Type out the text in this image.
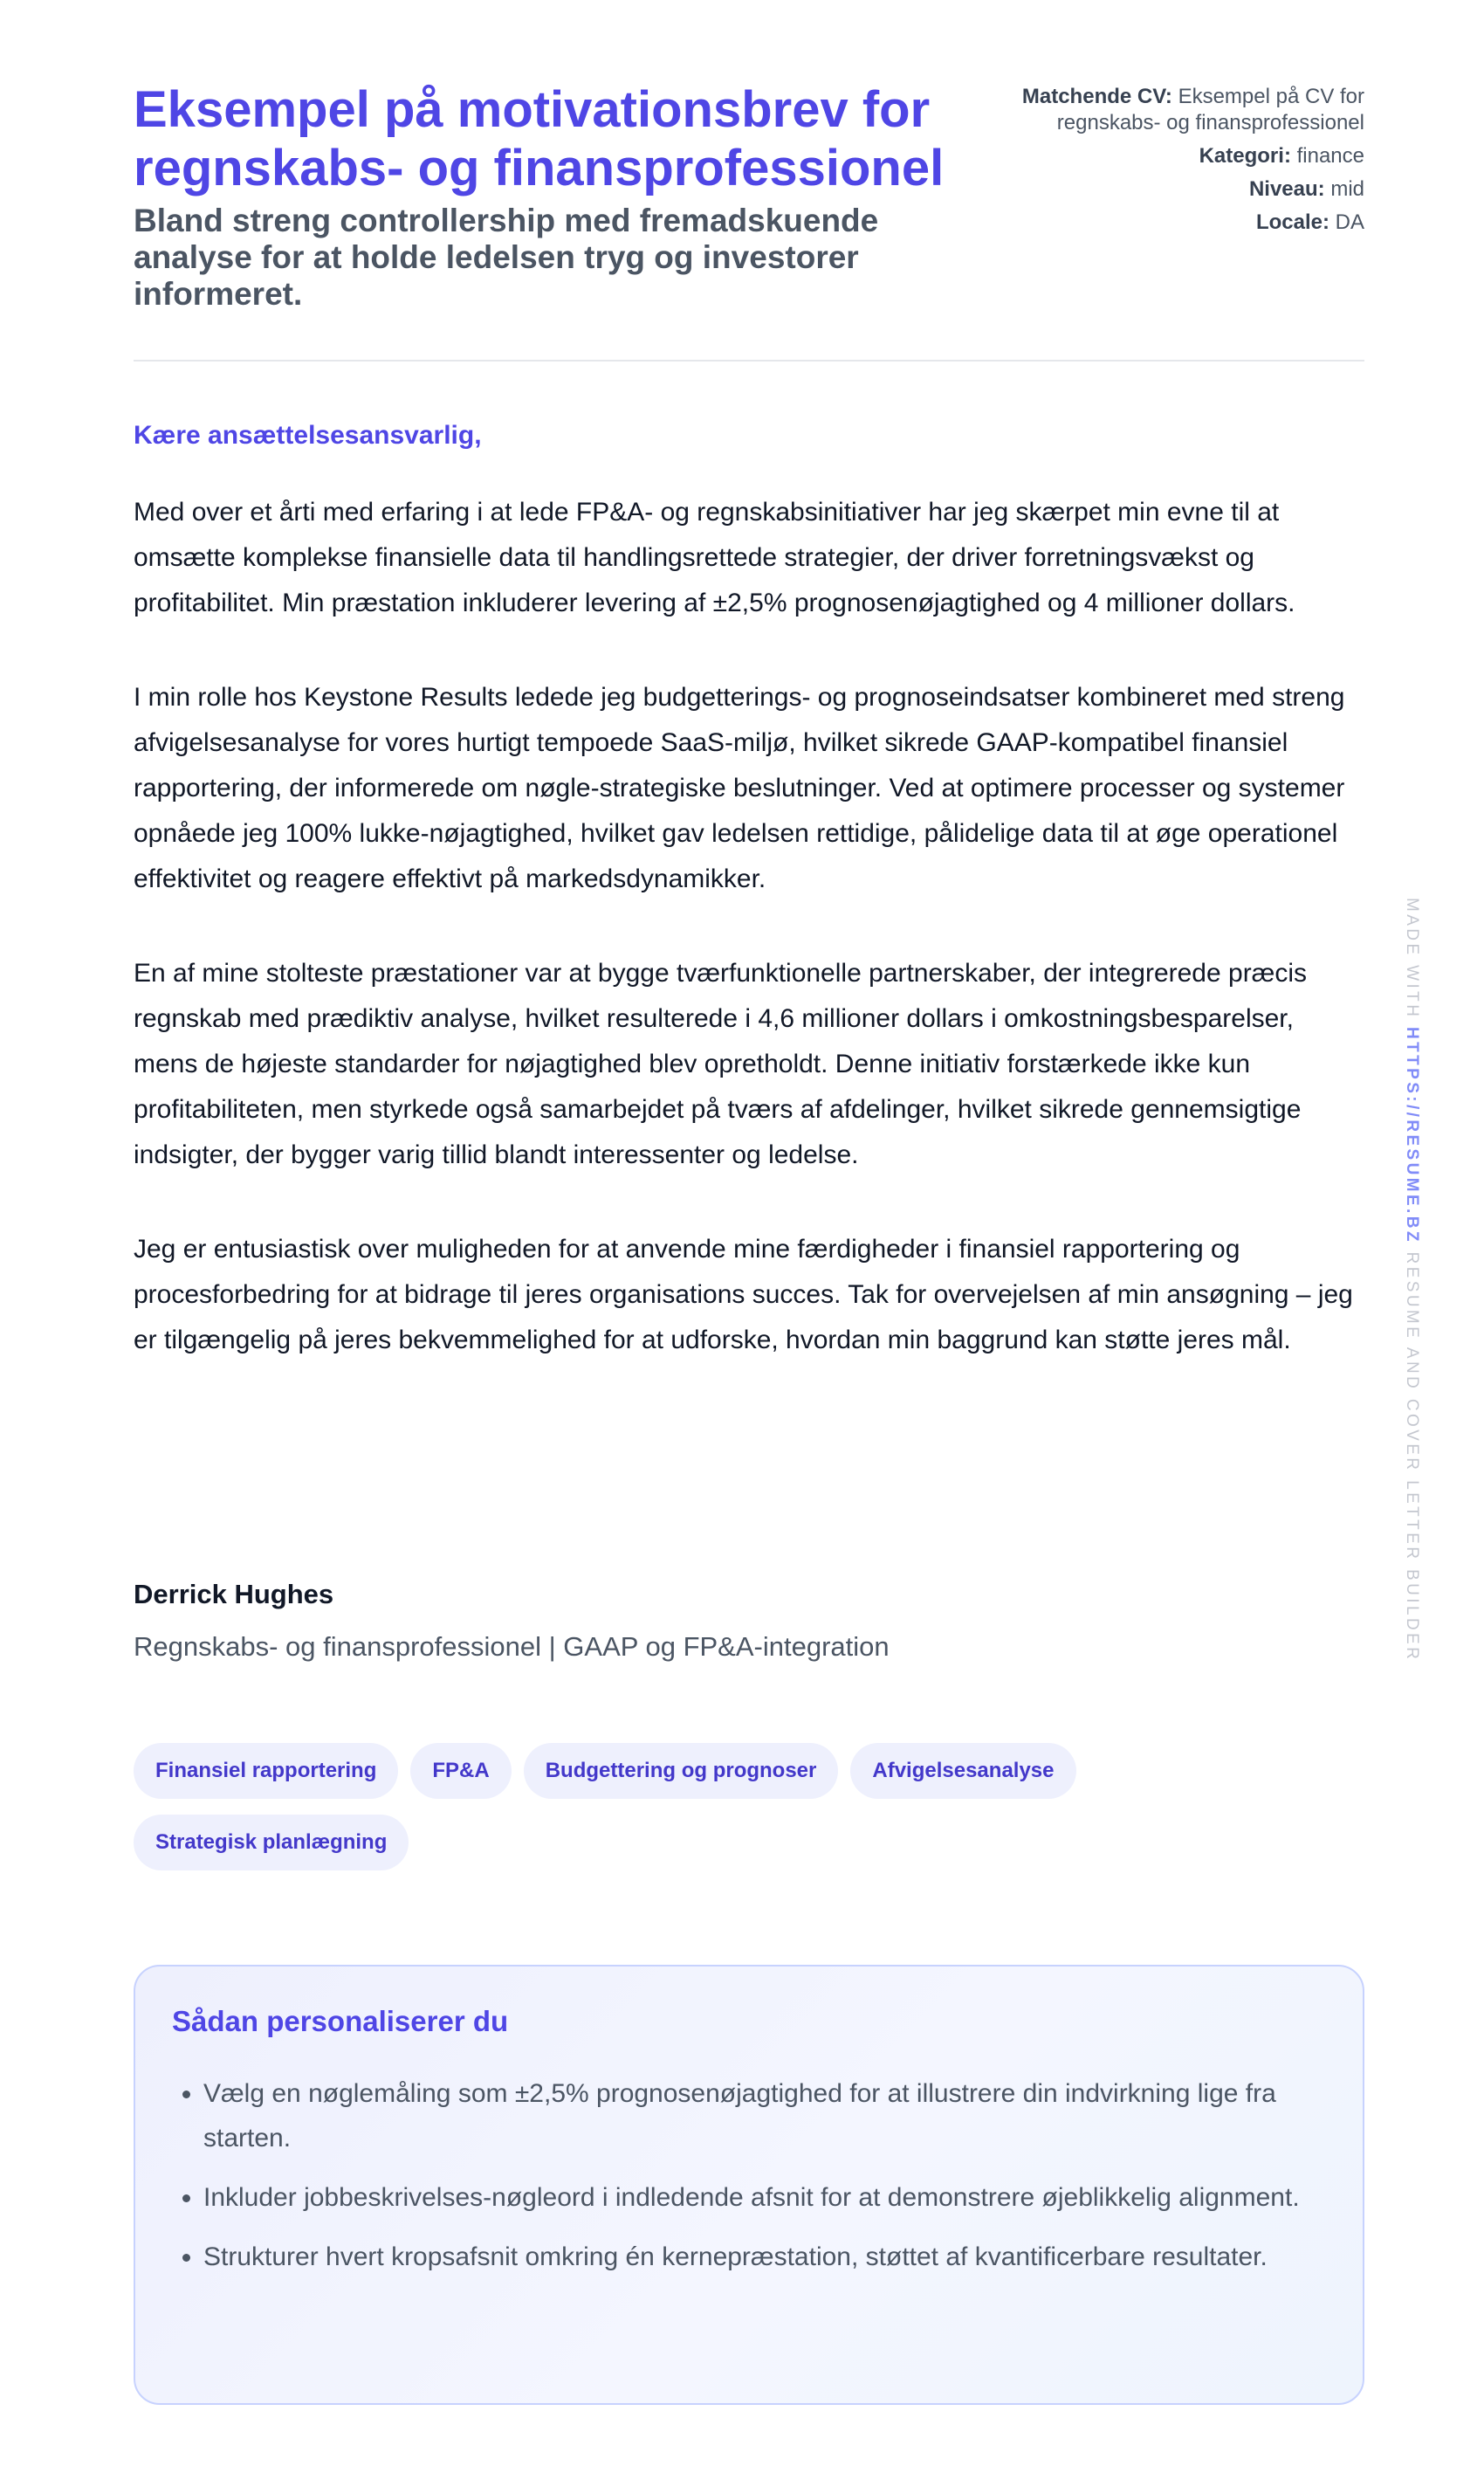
Eksempel på motivationsbrev for regnskabs- og finansprofessionel
Bland streng controllership med fremadskuende analyse for at holde ledelsen tryg og investorer informeret.
Matchende CV: Eksempel på CV for regnskabs- og finansprofessionel
Kategori: finance
Niveau: mid
Locale: DA

Kære ansættelsesansvarlig,

Med over et årti med erfaring i at lede FP&A- og regnskabsinitiativer har jeg skærpet min evne til at omsætte komplekse finansielle data til handlingsrettede strategier, der driver forretningsvækst og profitabilitet. Min præstation inkluderer levering af ±2,5% prognosenøjagtighed og 4 millioner dollars.

I min rolle hos Keystone Results ledede jeg budgetterings- og prognoseindsatser kombineret med streng afvigelsesanalyse for vores hurtigt tempoede SaaS-miljø, hvilket sikrede GAAP-kompatibel finansiel rapportering, der informerede om nøgle-strategiske beslutninger. Ved at optimere processer og systemer opnåede jeg 100% lukke-nøjagtighed, hvilket gav ledelsen rettidige, pålidelige data til at øge operationel effektivitet og reagere effektivt på markedsdynamikker.

En af mine stolteste præstationer var at bygge tværfunktionelle partnerskaber, der integrerede præcis regnskab med prædiktiv analyse, hvilket resulterede i 4,6 millioner dollars i omkostningsbesparelser, mens de højeste standarder for nøjagtighed blev opretholdt. Denne initiativ forstærkede ikke kun profitabiliteten, men styrkede også samarbejdet på tværs af afdelinger, hvilket sikrede gennemsigtige indsigter, der bygger varig tillid blandt interessenter og ledelse.

Jeg er entusiastisk over muligheden for at anvende mine færdigheder i finansiel rapportering og procesforbedring for at bidrage til jeres organisations succes. Tak for overvejelsen af min ansøgning – jeg er tilgængelig på jeres bekvemmelighed for at udforske, hvordan min baggrund kan støtte jeres mål.

Derrick Hughes

Regnskabs- og finansprofessionel | GAAP og FP&A-integration

Finansiel rapportering	FP&A	Budgettering og prognoser	AfvigelsesanalyseStrategisk planlægning
Sådan personaliserer du
• Vælg en nøglemåling som ±2,5% prognosenøjagtighed for at illustrere din indvirkning lige fra starten.
• Inkluder jobbeskrivelses-nøgleord i indledende afsnit for at demonstrere øjeblikkelig alignment.
• Strukturer hvert kropsafsnit omkring én kernepræstation, støttet af kvantificerbare resultater.
MADE WITH HTTPS://RESUME.BZ RESUME AND COVER LETTER BUILDER
